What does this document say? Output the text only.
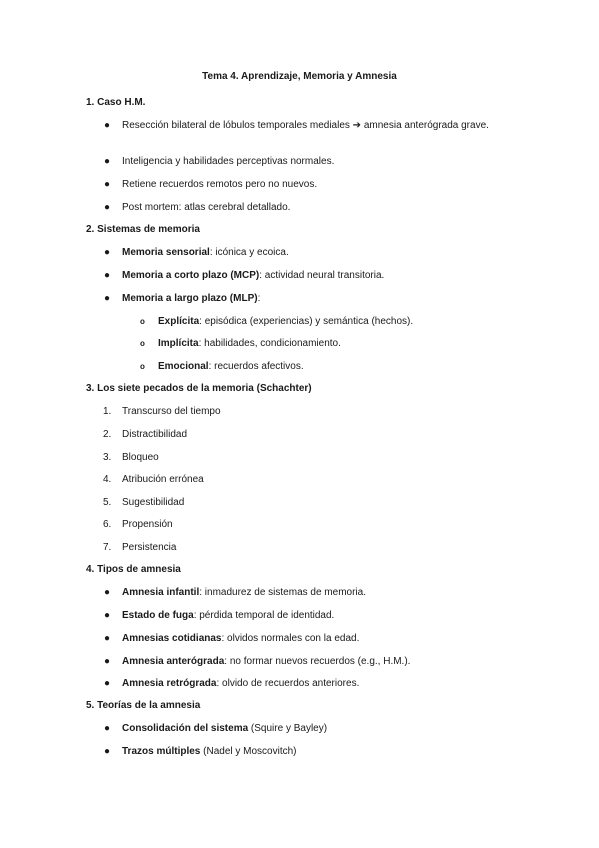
Tema 4. Aprendizaje, Memoria y Amnesia
1. Caso H.M.
● Resección bilateral de lóbulos temporales mediales ➔ amnesia anterógrada grave.
● Inteligencia y habilidades perceptivas normales.
● Retiene recuerdos remotos pero no nuevos.
● Post mortem: atlas cerebral detallado.
2. Sistemas de memoria
● Memoria sensorial: icónica y ecoica.
● Memoria a corto plazo (MCP): actividad neural transitoria.
● Memoria a largo plazo (MLP):
o Explícita: episódica (experiencias) y semántica (hechos).
o Implícita: habilidades, condicionamiento.
o Emocional: recuerdos afectivos.
3. Los siete pecados de la memoria (Schachter)
1. Transcurso del tiempo
2. Distractibilidad
3. Bloqueo
4. Atribución errónea
5. Sugestibilidad
6. Propensión
7. Persistencia
4. Tipos de amnesia
● Amnesia infantil: inmadurez de sistemas de memoria.
● Estado de fuga: pérdida temporal de identidad.
● Amnesias cotidianas: olvidos normales con la edad.
● Amnesia anterógrada: no formar nuevos recuerdos (e.g., H.M.).
● Amnesia retrógrada: olvido de recuerdos anteriores.
5. Teorías de la amnesia
● Consolidación del sistema (Squire y Bayley)
● Trazos múltiples (Nadel y Moscovitch)
